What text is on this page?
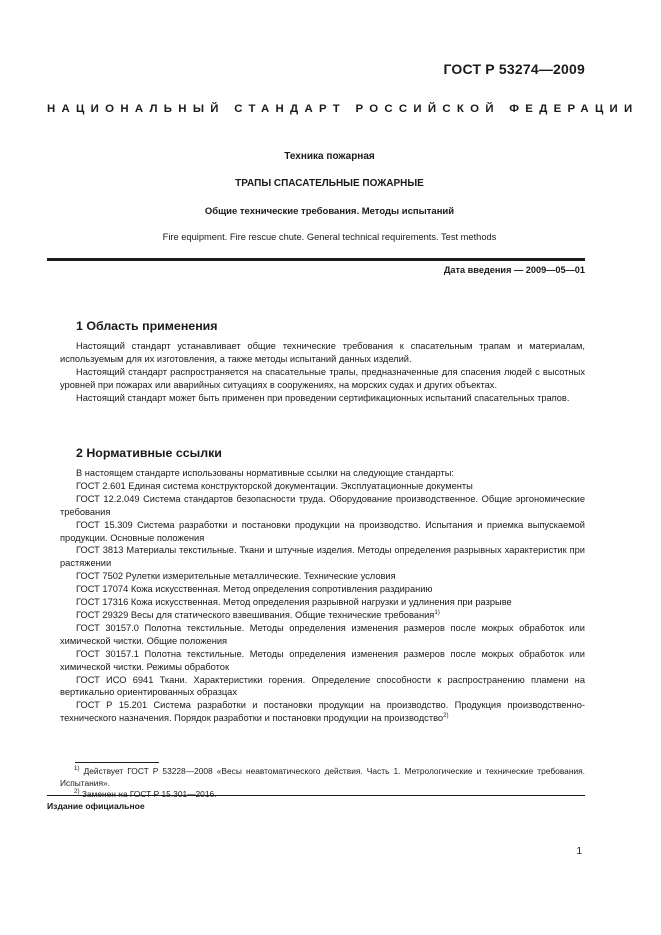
ГОСТ Р 53274—2009
НАЦИОНАЛЬНЫЙ СТАНДАРТ РОССИЙСКОЙ ФЕДЕРАЦИИ
Техника пожарная
ТРАПЫ СПАСАТЕЛЬНЫЕ ПОЖАРНЫЕ
Общие технические требования. Методы испытаний
Fire equipment. Fire rescue chute. General technical requirements. Test methods
Дата введения — 2009—05—01
1 Область применения

Настоящий стандарт устанавливает общие технические требования к спасательным трапам и материалам, используемым для их изготовления, а также методы испытаний данных изделий.

Настоящий стандарт распространяется на спасательные трапы, предназначенные для спасения людей с высотных уровней при пожарах или аварийных ситуациях в сооружениях, на морских судах и других объектах.

Настоящий стандарт может быть применен при проведении сертификационных испытаний спасательных трапов.

2 Нормативные ссылки

В настоящем стандарте использованы нормативные ссылки на следующие стандарты:

ГОСТ 2.601 Единая система конструкторской документации. Эксплуатационные документы

ГОСТ 12.2.049 Система стандартов безопасности труда. Оборудование производственное. Общие эргономические требования

ГОСТ 15.309 Система разработки и постановки продукции на производство. Испытания и приемка выпускаемой продукции. Основные положения

ГОСТ 3813 Материалы текстильные. Ткани и штучные изделия. Методы определения разрывных характеристик при растяжении

ГОСТ 7502 Рулетки измерительные металлические. Технические условия

ГОСТ 17074 Кожа искусственная. Метод определения сопротивления раздиранию

ГОСТ 17316 Кожа искусственная. Метод определения разрывной нагрузки и удлинения при разрыве

ГОСТ 29329 Весы для статического взвешивания. Общие технические требования$^{1)}$

ГОСТ 30157.0 Полотна текстильные. Методы определения изменения размеров после мокрых обработок или химической чистки. Общие положения

ГОСТ 30157.1 Полотна текстильные. Методы определения изменения размеров после мокрых обработок или химической чистки. Режимы обработок

ГОСТ ИСО 6941 Ткани. Характеристики горения. Определение способности к распространению пламени на вертикально ориентированных образцах

ГОСТ Р 15.201 Система разработки и постановки продукции на производство. Продукция производственно-технического назначения. Порядок разработки и постановки продукции на производство$^{2)}$

$^{1)}$ Действует ГОСТ Р 53228—2008 «Весы неавтоматического действия. Часть 1. Метрологические и технические требования. Испытания».

$^{2)}$

Издание официальное
1
